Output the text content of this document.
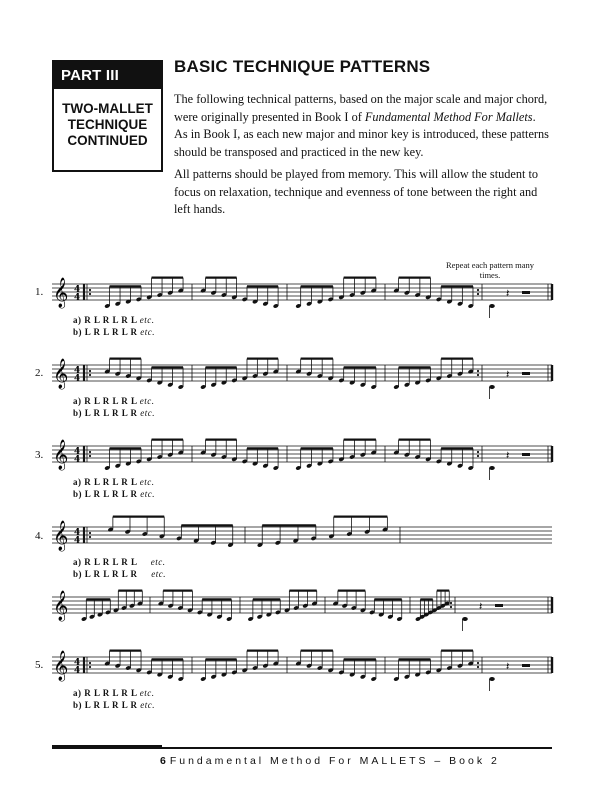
PART III
TWO-MALLET
TECHNIQUE
CONTINUED
BASIC TECHNIQUE PATTERNS
The following technical patterns, based on the major scale and major chord, were originally presented in Book I of Fundamental Method For Mallets. As in Book I, as each new major and minor key is introduced, these patterns should be transposed and practiced in the new key.
All patterns should be played from memory. This will allow the student to focus on relaxation, technique and evenness of tone between the right and left hands.
Repeat each pattern many times.
1.
2.
3.
4.
5.
a) R L R L R L etc.
b) L R L R L R etc.
a) R L R L R L etc.
b) L R L R L R etc.
a) R L R L R L etc.
b) L R L R L R etc.
a) R L R L R L etc.
b) L R L R L R etc.
a) R L R L R L etc.
b) L R L R L R etc.
𝄞 4
4	𝄽
𝄞 4
4	𝄽
𝄞 4
4	𝄽
𝄞 4
4
𝄞	𝄽
𝄞 4
4	𝄽
6 Fundamental Method For MALLETS – Book 2
